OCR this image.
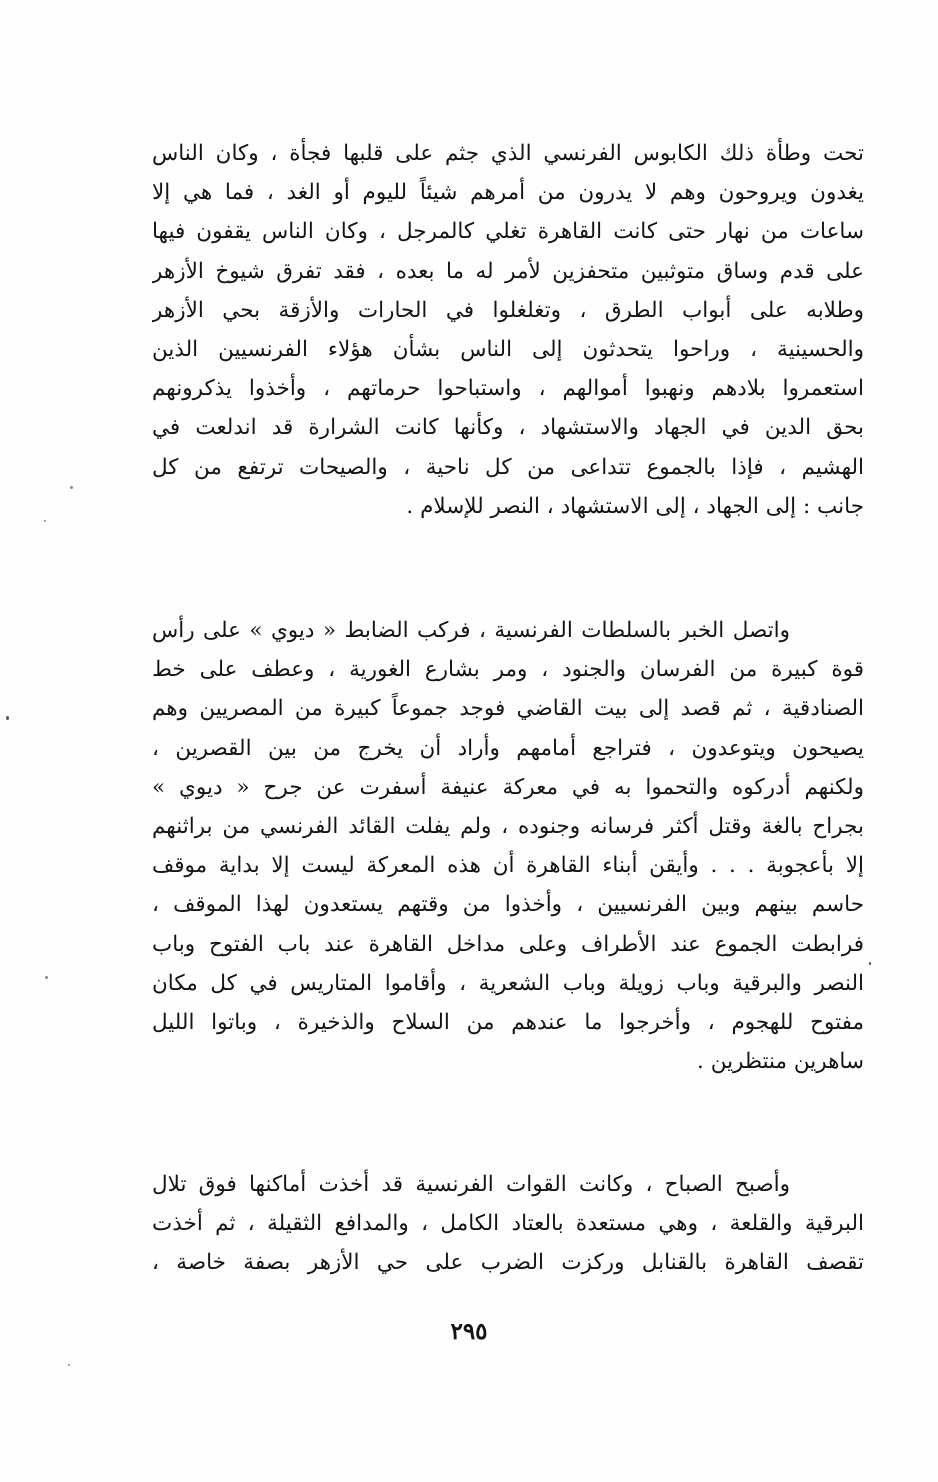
تحت وطأة ذلك الكابوس الفرنسي الذي جثم على قلبها فجأة ، وكان الناس
يغدون ويروحون وهم لا يدرون من أمرهم شيئاً لليوم أو الغد ، فما هي إلا
ساعات من نهار حتى كانت القاهرة تغلي كالمرجل ، وكان الناس يقفون فيها
على قدم وساق متوثبين متحفزين لأمر له ما بعده ، فقد تفرق شيوخ الأزهر
وطلابه على أبواب الطرق ، وتغلغلوا في الحارات والأزقة بحي الأزهر
والحسينية ، وراحوا يتحدثون إلى الناس بشأن هؤلاء الفرنسيين الذين
استعمروا بلادهم ونهبوا أموالهم ، واستباحوا حرماتهم ، وأخذوا يذكرونهم
بحق الدين في الجهاد والاستشهاد ، وكأنها كانت الشرارة قد اندلعت في
الهشيم ، فإذا بالجموع تتداعى من كل ناحية ، والصيحات ترتفع من كل
جانب : إلى الجهاد ، إلى الاستشهاد ، النصر للإسلام .
واتصل الخبر بالسلطات الفرنسية ، فركب الضابط « ديوي » على رأس
قوة كبيرة من الفرسان والجنود ، ومر بشارع الغورية ، وعطف على خط
الصنادقية ، ثم قصد إلى بيت القاضي فوجد جموعاً كبيرة من المصريين وهم
يصيحون ويتوعدون ، فتراجع أمامهم وأراد أن يخرج من بين القصرين ،
ولكنهم أدركوه والتحموا به في معركة عنيفة أسفرت عن جرح « ديوي »
بجراح بالغة وقتل أكثر فرسانه وجنوده ، ولم يفلت القائد الفرنسي من براثنهم
إلا بأعجوبة . . . وأيقن أبناء القاهرة أن هذه المعركة ليست إلا بداية موقف
حاسم بينهم وبين الفرنسيين ، وأخذوا من وقتهم يستعدون لهذا الموقف ،
فرابطت الجموع عند الأطراف وعلى مداخل القاهرة عند باب الفتوح وباب
النصر والبرقية وباب زويلة وباب الشعرية ، وأقاموا المتاريس في كل مكان
مفتوح للهجوم ، وأخرجوا ما عندهم من السلاح والذخيرة ، وباتوا الليل
ساهرين منتظرين .
وأصبح الصباح ، وكانت القوات الفرنسية قد أخذت أماكنها فوق تلال
البرقية والقلعة ، وهي مستعدة بالعتاد الكامل ، والمدافع الثقيلة ، ثم أخذت
تقصف القاهرة بالقنابل وركزت الضرب على حي الأزهر بصفة خاصة ،
٢٩٥
